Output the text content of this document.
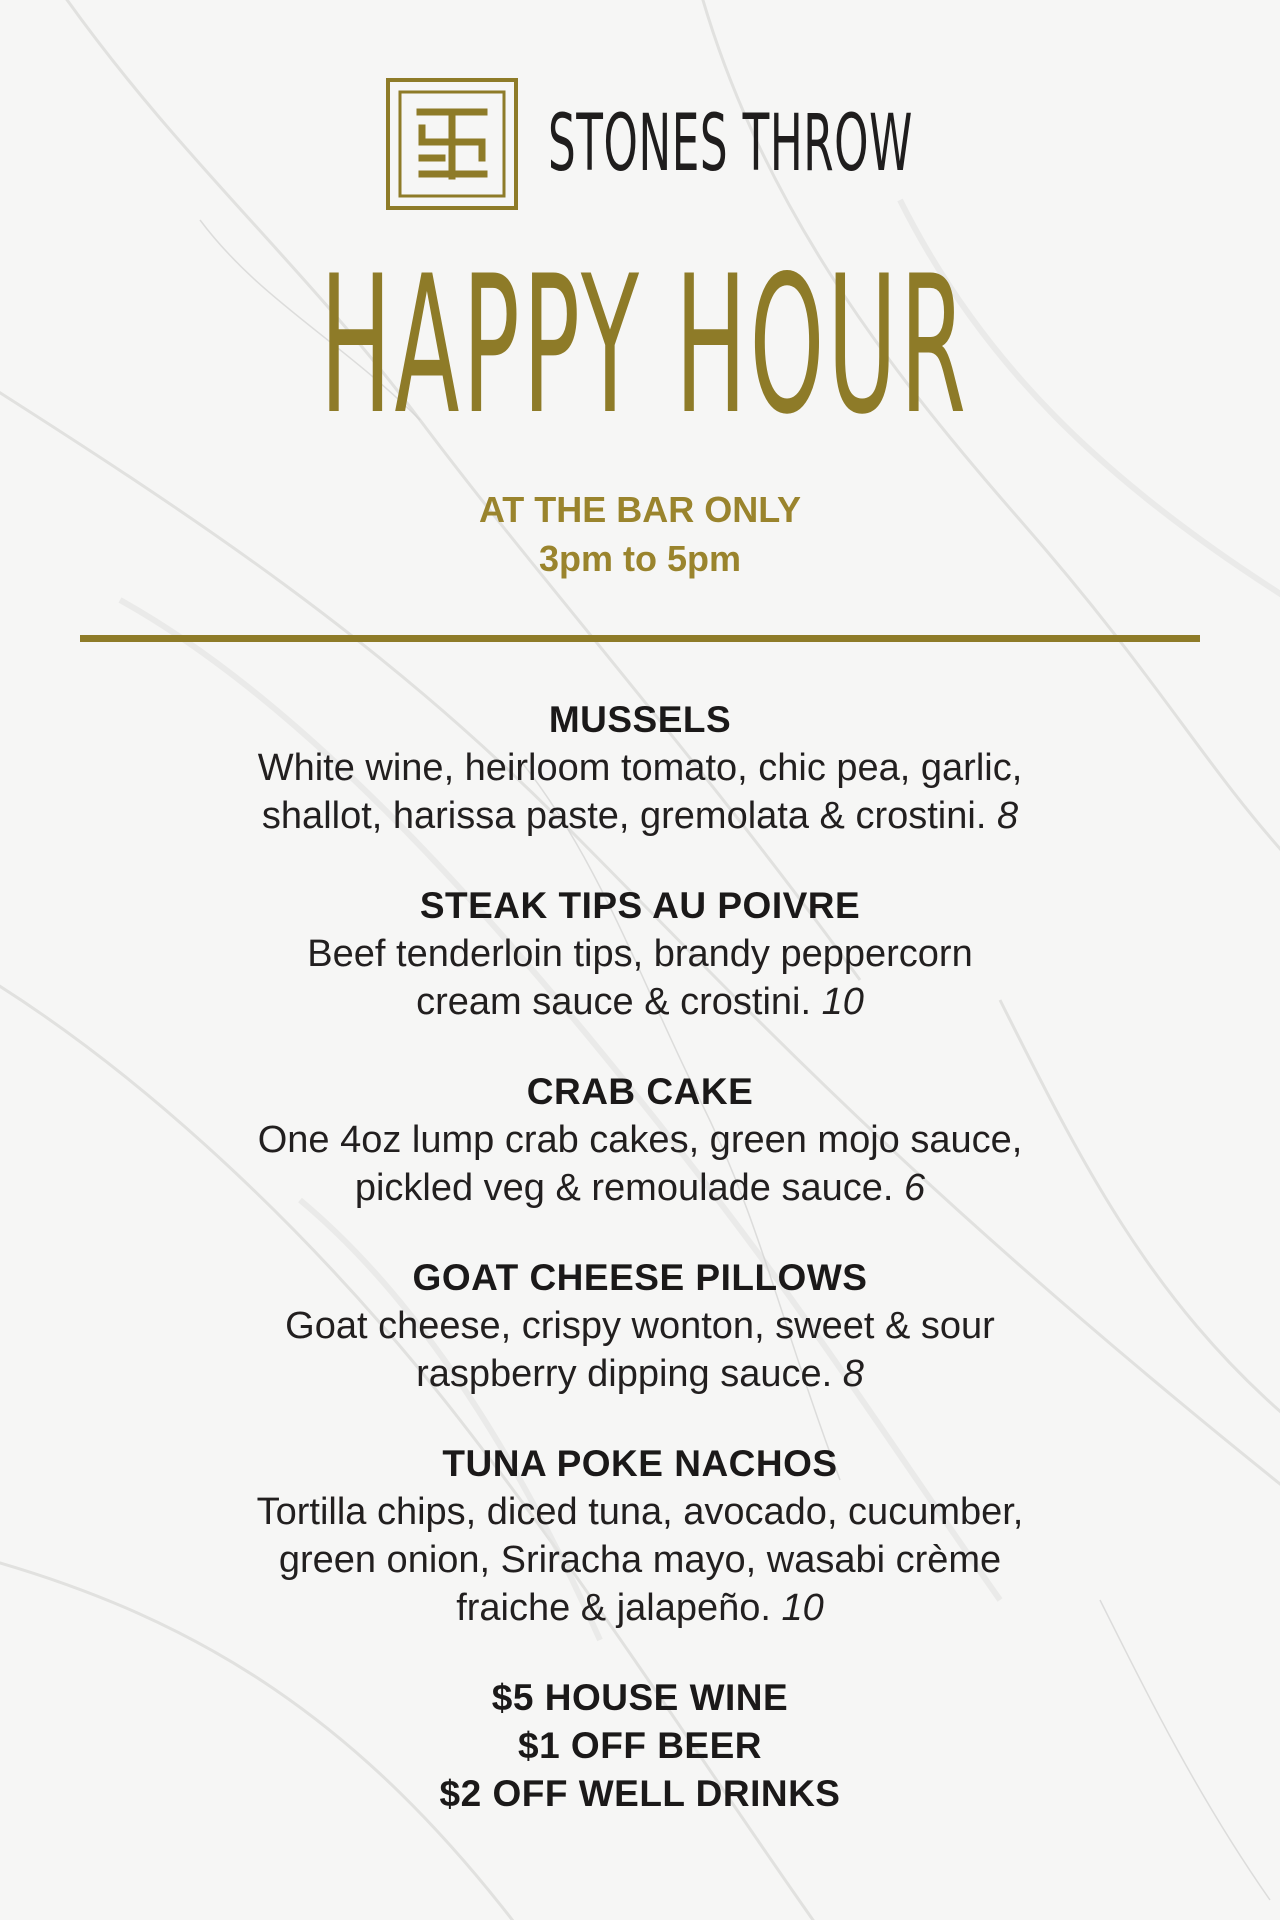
STONES THROW
HAPPY HOUR
AT THE BAR ONLY
3pm to 5pm
MUSSELS
White wine, heirloom tomato, chic pea, garlic,
shallot, harissa paste, gremolata & crostini. 8
STEAK TIPS AU POIVRE
Beef tenderloin tips, brandy peppercorn
cream sauce & crostini. 10
CRAB CAKE
One 4oz lump crab cakes, green mojo sauce,
pickled veg & remoulade sauce. 6
GOAT CHEESE PILLOWS
Goat cheese, crispy wonton, sweet & sour
raspberry dipping sauce. 8
TUNA POKE NACHOS
Tortilla chips, diced tuna, avocado, cucumber,
green onion, Sriracha mayo, wasabi crème
fraiche & jalapeño. 10
$5 HOUSE WINE
$1 OFF BEER
$2 OFF WELL DRINKS
